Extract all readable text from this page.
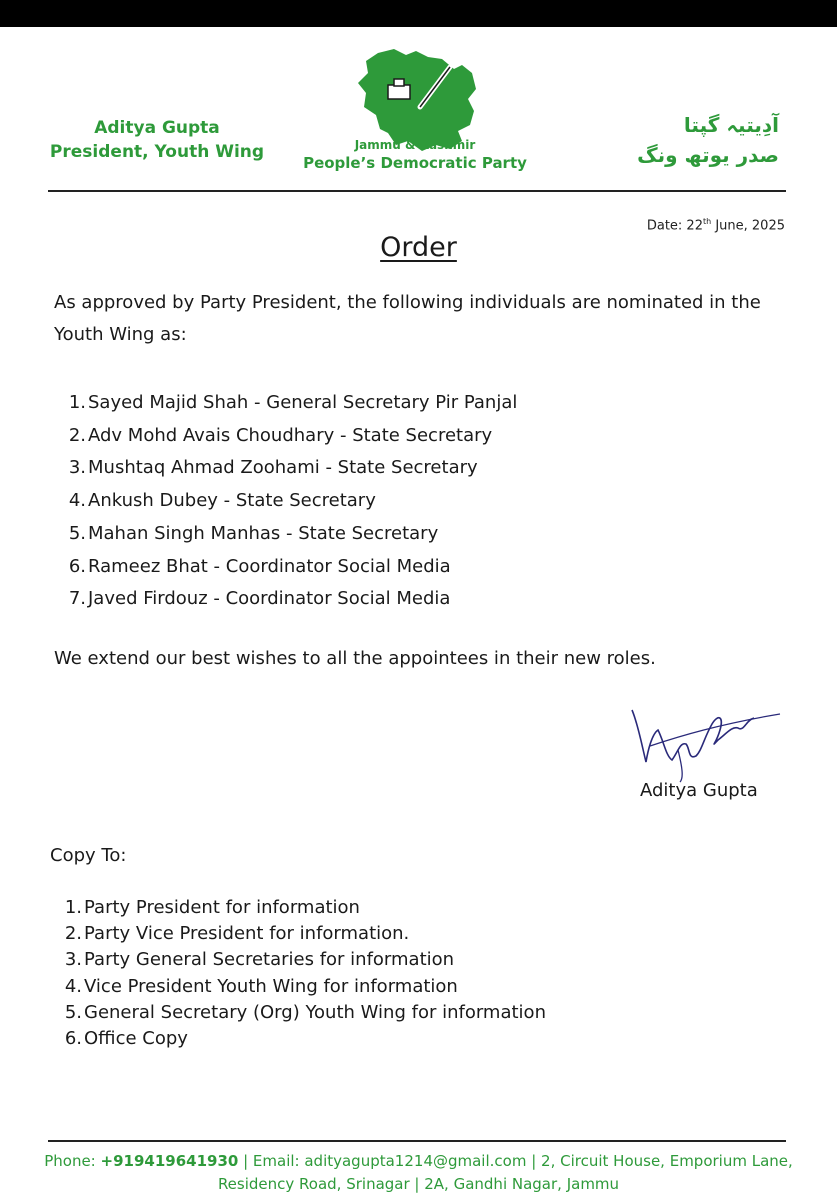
Aditya Gupta
President, Youth Wing	Jammu & Kashmir
People’s Democratic Party
آدِیتیہ گپتا
صدر یوتھ ونگ
Date: 22th June, 2025
Order
As approved by Party President, the following individuals are nominated in the Youth Wing as:
1. Sayed Majid Shah - General Secretary Pir Panjal
2. Adv Mohd Avais Choudhary - State Secretary
3. Mushtaq Ahmad Zoohami - State Secretary
4. Ankush Dubey - State Secretary
5. Mahan Singh Manhas - State Secretary
6. Rameez Bhat - Coordinator Social Media
7. Javed Firdouz - Coordinator Social Media
We extend our best wishes to all the appointees in their new roles.
Aditya Gupta
Copy To:
1. Party President for information
2. Party Vice President for information.
3. Party General Secretaries for information
4. Vice President Youth Wing for information
5. General Secretary (Org) Youth Wing for information
6. Office Copy
Phone: +919419641930 | Email: adityagupta1214@gmail.com | 2, Circuit House, Emporium Lane,
Residency Road, Srinagar | 2A, Gandhi Nagar, Jammu
